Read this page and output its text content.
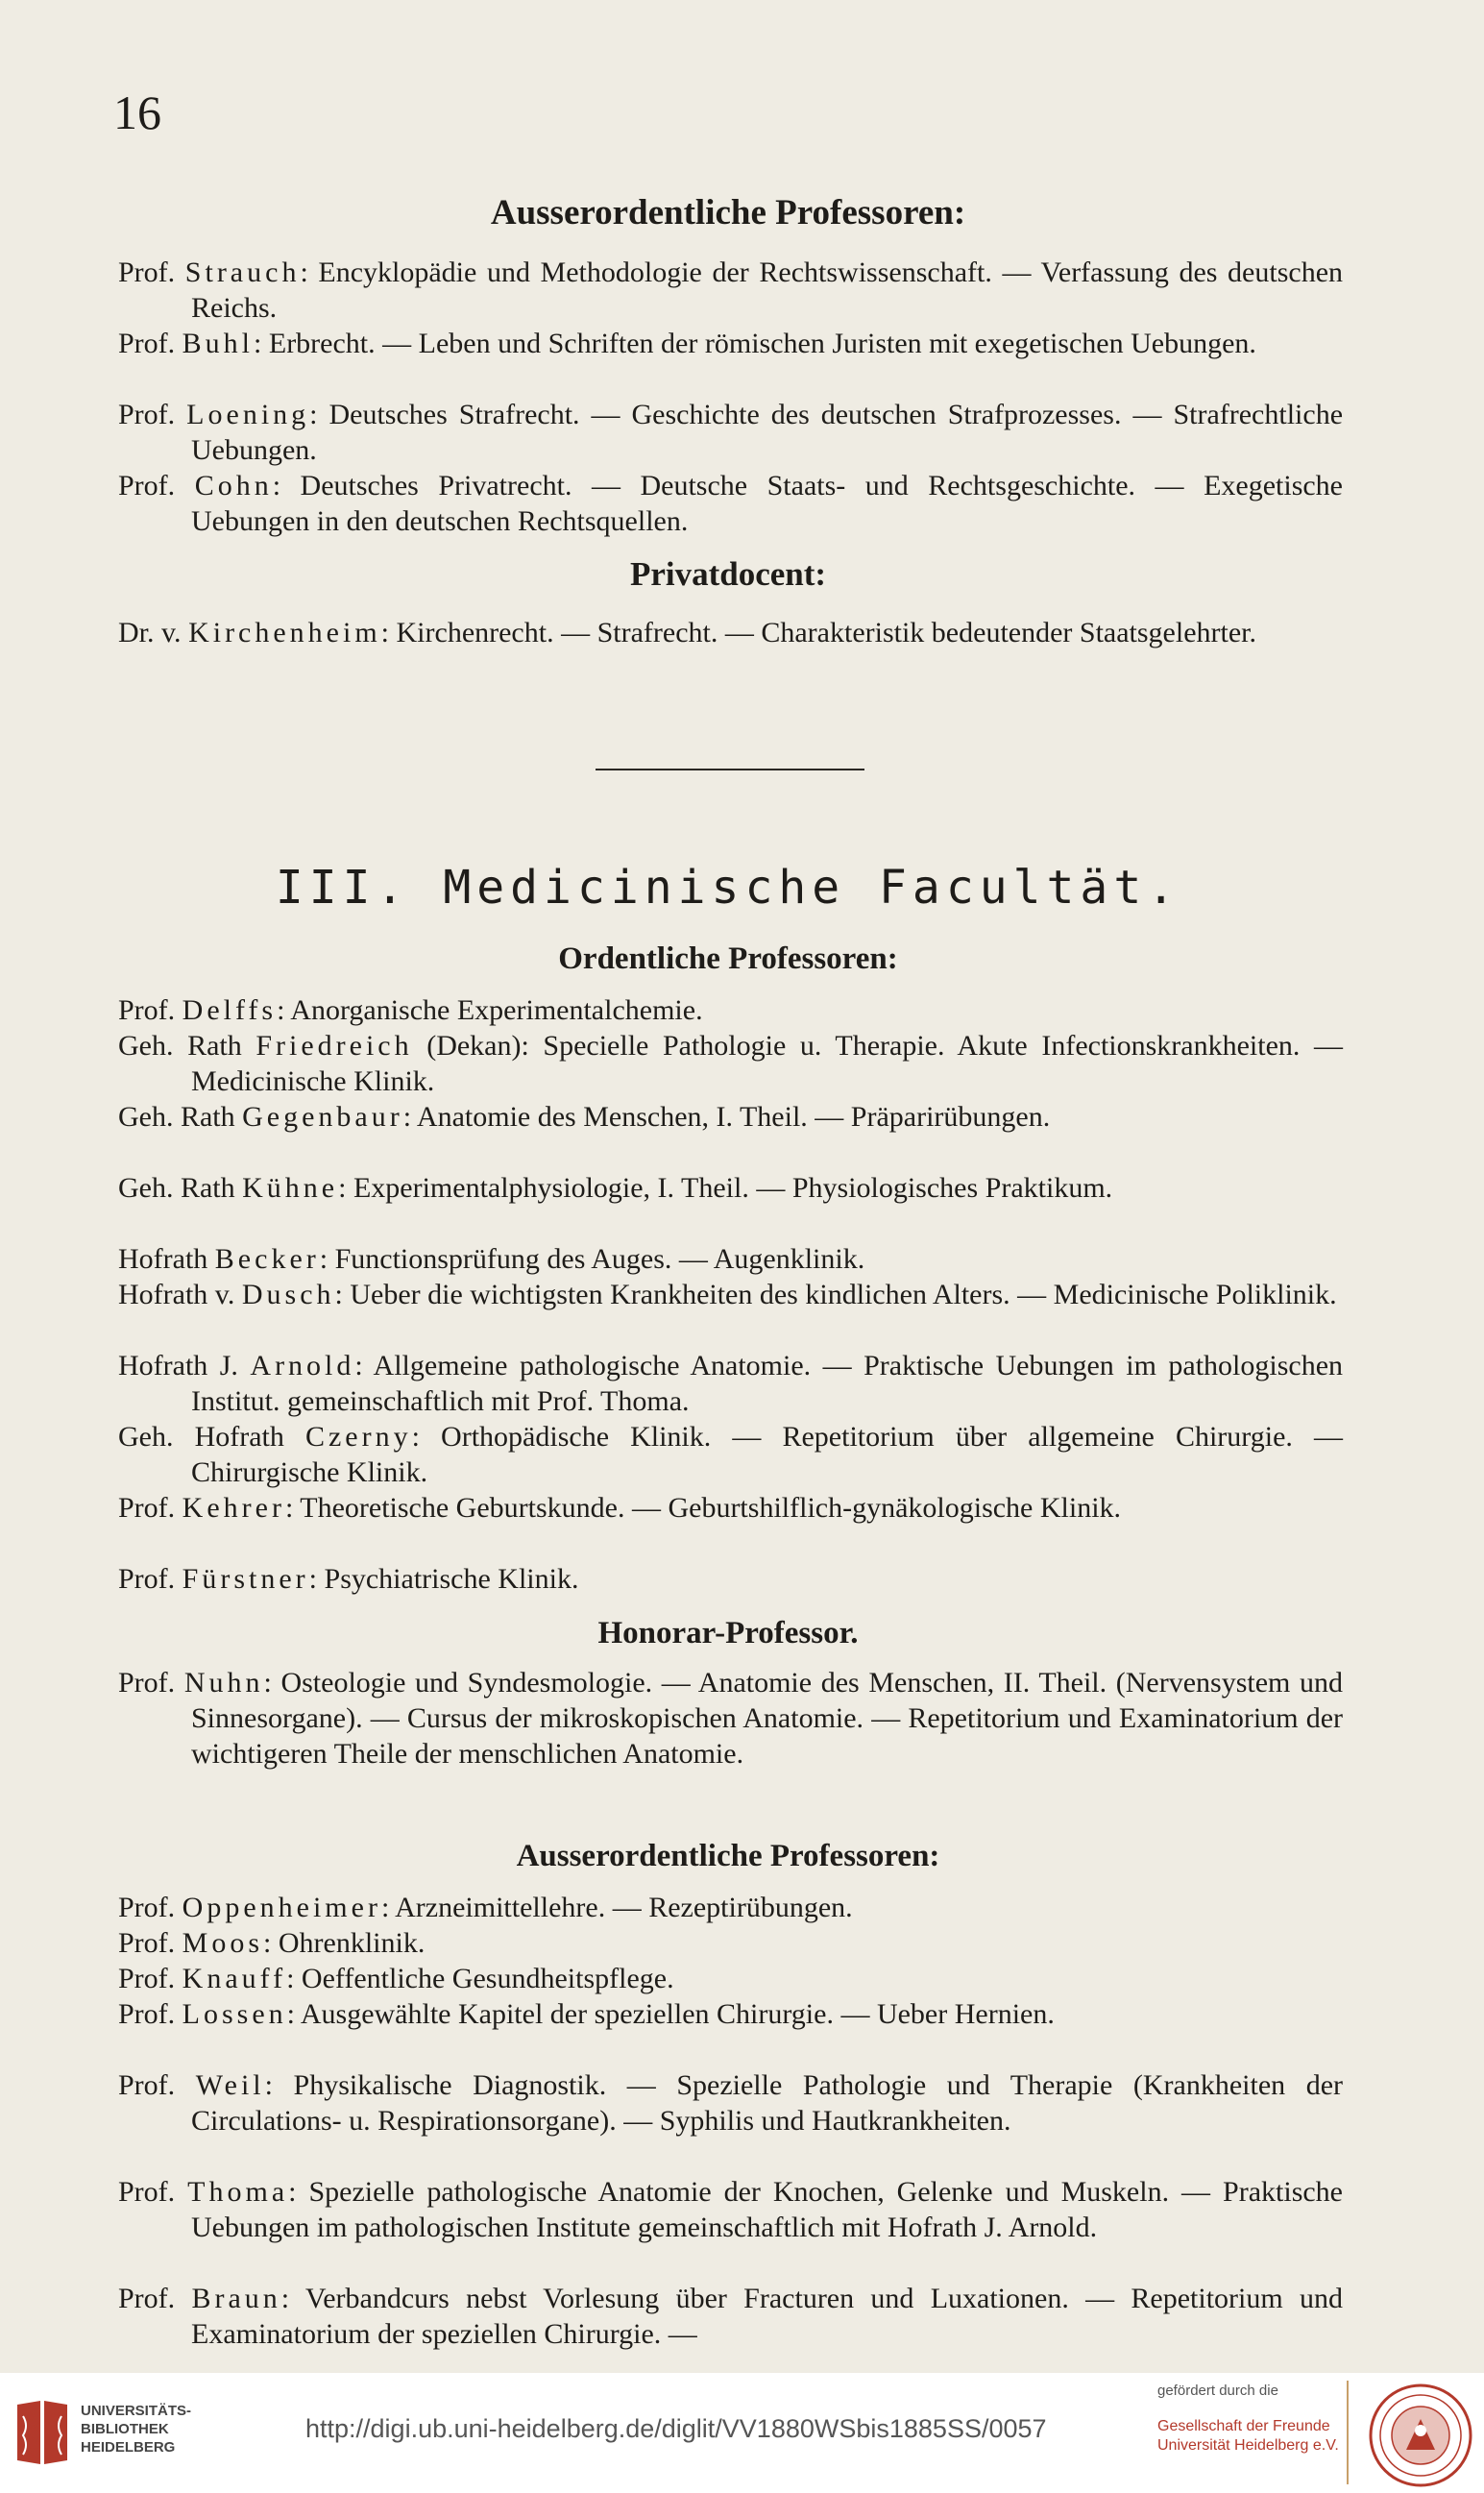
16
Ausserordentliche Professoren:
Prof. Strauch: Encyklopädie und Methodologie der Rechtswissenschaft. — Verfassung des deutschen Reichs.
Prof. Buhl: Erbrecht. — Leben und Schriften der römischen Juristen mit exegetischen Uebungen.
Prof. Loening: Deutsches Strafrecht. — Geschichte des deutschen Strafprozesses. — Strafrechtliche Uebungen.
Prof. Cohn: Deutsches Privatrecht. — Deutsche Staats- und Rechtsgeschichte. — Exegetische Uebungen in den deutschen Rechtsquellen.
Privatdocent:
Dr. v. Kirchenheim: Kirchenrecht. — Strafrecht. — Charakteristik bedeutender Staatsgelehrter.
III. Medicinische Facultät.
Ordentliche Professoren:
Prof. Delffs: Anorganische Experimentalchemie.
Geh. Rath Friedreich (Dekan): Specielle Pathologie u. Therapie. Akute Infectionskrankheiten. — Medicinische Klinik.
Geh. Rath Gegenbaur: Anatomie des Menschen, I. Theil. — Präparirübungen.
Geh. Rath Kühne: Experimentalphysiologie, I. Theil. — Physiologisches Praktikum.
Hofrath Becker: Functionsprüfung des Auges. — Augenklinik.
Hofrath v. Dusch: Ueber die wichtigsten Krankheiten des kindlichen Alters. — Medicinische Poliklinik.
Hofrath J. Arnold: Allgemeine pathologische Anatomie. — Praktische Uebungen im pathologischen Institut. gemeinschaftlich mit Prof. Thoma.
Geh. Hofrath Czerny: Orthopädische Klinik. — Repetitorium über allgemeine Chirurgie. — Chirurgische Klinik.
Prof. Kehrer: Theoretische Geburtskunde. — Geburtshilflich-gynäkologische Klinik.
Prof. Fürstner: Psychiatrische Klinik.
Honorar-Professor.
Prof. Nuhn: Osteologie und Syndesmologie. — Anatomie des Menschen, II. Theil. (Nervensystem und Sinnesorgane). — Cursus der mikroskopischen Anatomie. — Repetitorium und Examinatorium der wichtigeren Theile der menschlichen Anatomie.
Ausserordentliche Professoren:
Prof. Oppenheimer: Arzneimittellehre. — Rezeptirübungen.
Prof. Moos: Ohrenklinik.
Prof. Knauff: Oeffentliche Gesundheitspflege.
Prof. Lossen: Ausgewählte Kapitel der speziellen Chirurgie. — Ueber Hernien.
Prof. Weil: Physikalische Diagnostik. — Spezielle Pathologie und Therapie (Krankheiten der Circulations- u. Respirationsorgane). — Syphilis und Hautkrankheiten.
Prof. Thoma: Spezielle pathologische Anatomie der Knochen, Gelenke und Muskeln. — Praktische Uebungen im pathologischen Institute gemeinschaftlich mit Hofrath J. Arnold.
Prof. Braun: Verbandcurs nebst Vorlesung über Fracturen und Luxationen. — Repetitorium und Examinatorium der speziellen Chirurgie. —
UNIVERSITÄTS-
BIBLIOTHEK
HEIDELBERG
http://digi.ub.uni-heidelberg.de/diglit/VV1880WSbis1885SS/0057
gefördert durch die
Gesellschaft der Freunde
Universität Heidelberg e.V.
